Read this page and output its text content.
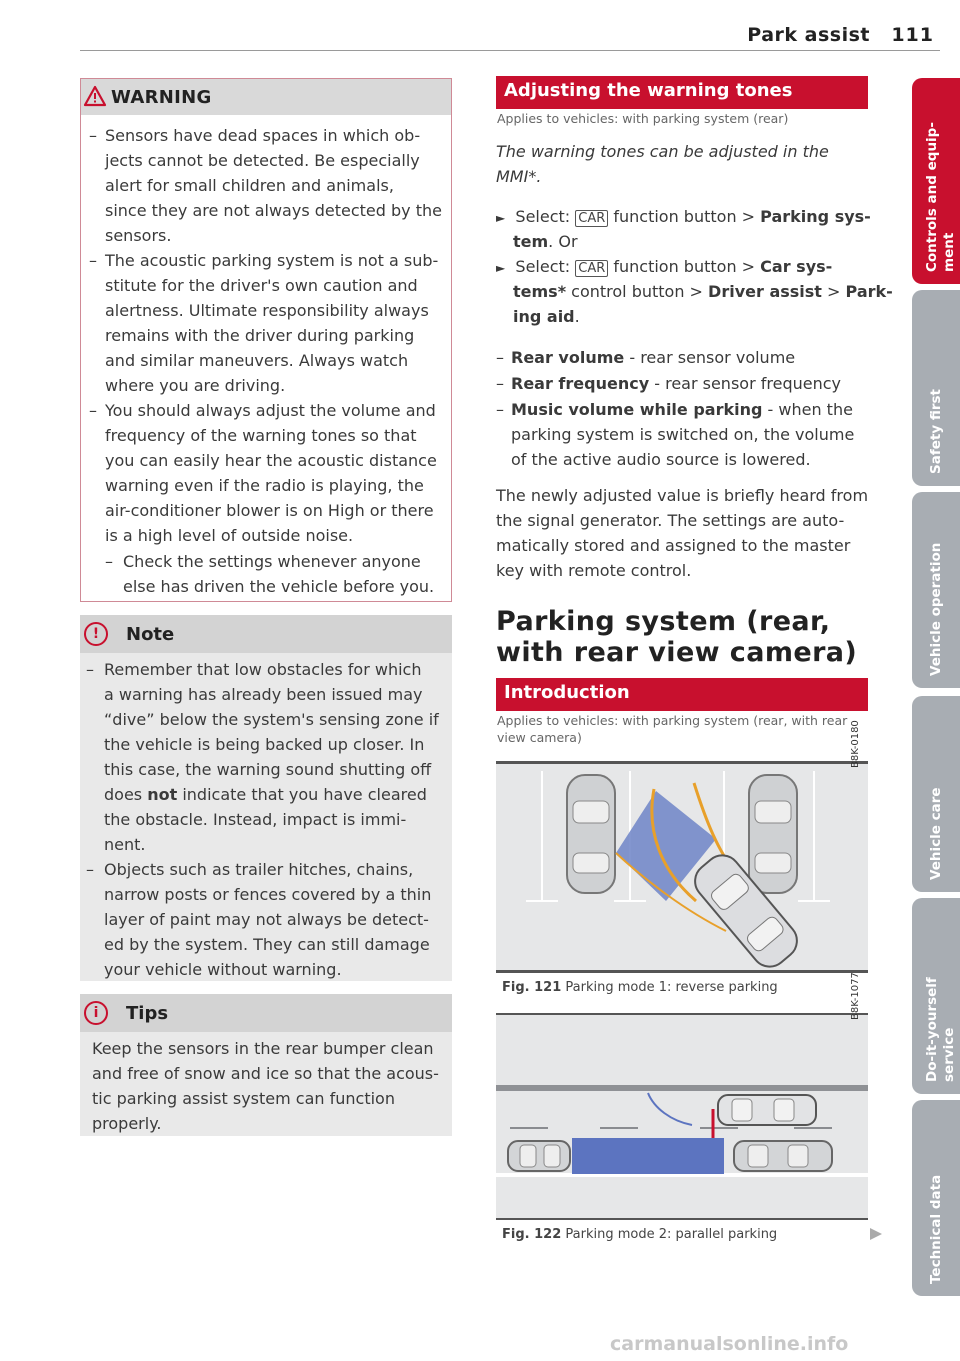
Park assist 111
WARNING
– Sensors have dead spaces in which ob-
jects cannot be detected. Be especially
alert for small children and animals,
since they are not always detected by the
sensors.
– The acoustic parking system is not a sub-
stitute for the driver's own caution and
alertness. Ultimate responsibility always
remains with the driver during parking
and similar maneuvers. Always watch
where you are driving.
– You should always adjust the volume and
frequency of the warning tones so that
you can easily hear the acoustic distance
warning even if the radio is playing, the
air-conditioner blower is on High or there
is a high level of outside noise.
– Check the settings whenever anyone
else has driven the vehicle before you.
!	Note
– Remember that low obstacles for which
a warning has already been issued may
“dive” below the system's sensing zone if
the vehicle is being backed up closer. In
this case, the warning sound shutting off
does not indicate that you have cleared
the obstacle. Instead, impact is immi-
nent.
– Objects such as trailer hitches, chains,
narrow posts or fences covered by a thin
layer of paint may not always be detect-
ed by the system. They can still damage
your vehicle without warning.
i	Tips
Keep the sensors in the rear bumper clean
and free of snow and ice so that the acous-
tic parking assist system can function
properly.
Adjusting the warning tones
Applies to vehicles: with parking system (rear)
The warning tones can be adjusted in the
MMI*.
► Select: CAR function button > Parking sys-
tem. Or
► Select: CAR function button > Car sys-
tems* control button > Driver assist > Park-
ing aid.
– Rear volume - rear sensor volume
– Rear frequency - rear sensor frequency
– Music volume while parking - when the
parking system is switched on, the volume
of the active audio source is lowered.
The newly adjusted value is briefly heard from
the signal generator. The settings are auto-
matically stored and assigned to the master
key with remote control.
Parking system (rear,
with rear view camera)
Introduction
Applies to vehicles: with parking system (rear, with rear
view camera)	B8K-0180
Fig. 121 Parking mode 1: reverse parking	B8K-1077
Fig. 122 Parking mode 2: parallel parking
Controls and equip- ment
Safety first
Vehicle operation
Vehicle care
Do-it-yourself service
Technical data
carmanualsonline.info
